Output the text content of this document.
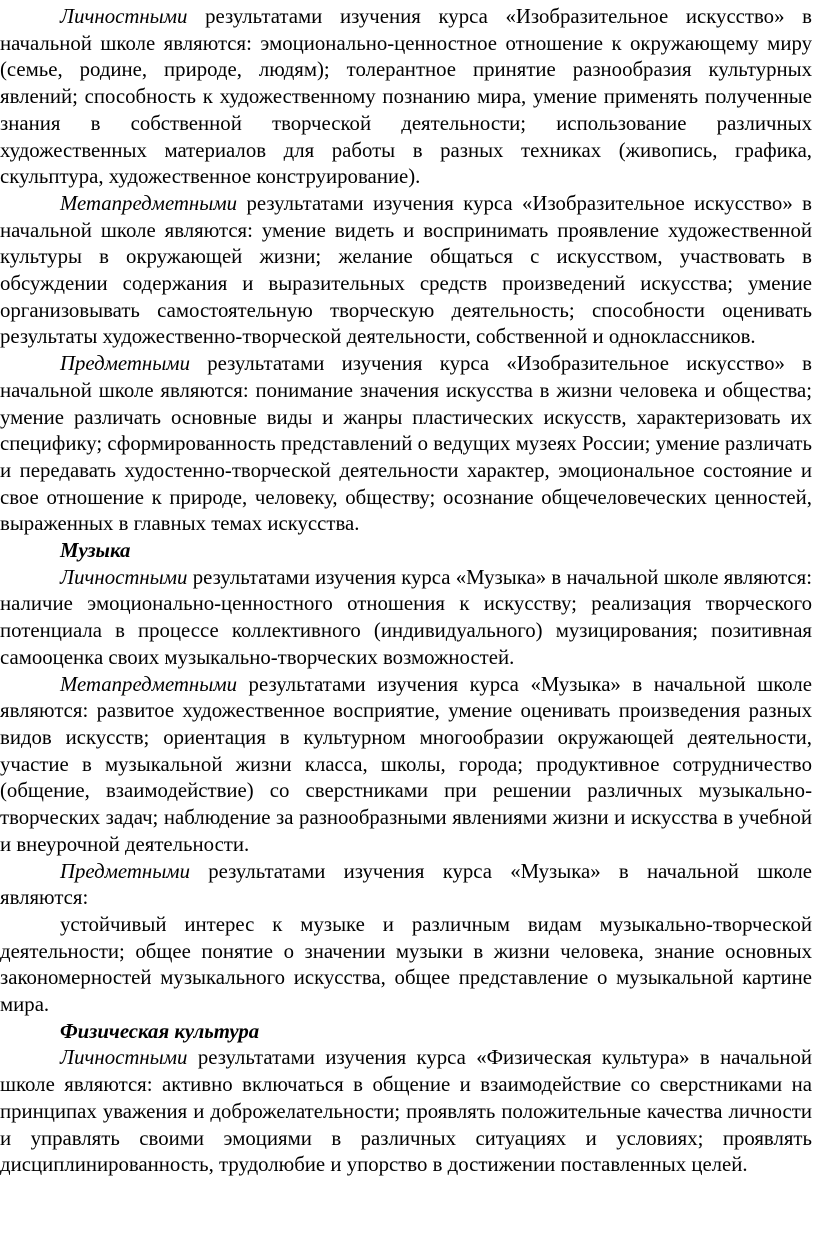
Личностными результатами изучения курса «Изобразительное искусство» в начальной школе являются: эмоционально-ценностное отношение к окружающему миру (семье, родине, природе, людям); толерантное принятие разнообразия культурных явлений; способность к художественному познанию мира, умение применять полученные знания в собственной творческой деятельности; использование различных художественных материалов для работы в разных техниках (живопись, графика, скульптура, художественное конструирование).

Метапредметными результатами изучения курса «Изобразительное искусство» в начальной школе являются: умение видеть и воспринимать проявление художественной культуры в окружающей жизни; желание общаться с искусством, участвовать в обсуждении содержания и выразительных средств произведений искусства; умение организовывать самостоятельную творческую деятельность; способности оценивать результаты художественно-творческой деятельности, собственной и одноклассников.

Предметными результатами изучения курса «Изобразительное искусство» в начальной школе являются: понимание значения искусства в жизни человека и общества; умение различать основные виды и жанры пластических искусств, характеризовать их специфику; сформированность представлений о ведущих музеях России; умение различать и передавать худостенно-творческой деятельности характер, эмоциональное состояние и свое отношение к природе, человеку, обществу; осознание общечеловеческих ценностей, выраженных в главных темах искусства.

Музыка

Личностными результатами изучения курса «Музыка» в начальной школе являются: наличие эмоционально-ценностного отношения к искусству; реализация творческого потенциала в процессе коллективного (индивидуального) музицирования; позитивная самооценка своих музыкально-творческих возможностей.

Метапредметными результатами изучения курса «Музыка» в начальной школе являются: развитое художественное восприятие, умение оценивать произведения разных видов искусств; ориентация в культурном многообразии окружающей деятельности, участие в музыкальной жизни класса, школы, города; продуктивное сотрудничество (общение, взаимодействие) со сверстниками при решении различных музыкально-творческих задач; наблюдение за разнообразными явлениями жизни и искусства в учебной и внеурочной деятельности.

Предметными результатами изучения курса «Музыка» в начальной школе являются:

устойчивый интерес к музыке и различным видам музыкально-творческой деятельности; общее понятие о значении музыки в жизни человека, знание основных закономерностей музыкального искусства, общее представление о музыкальной картине мира.

Физическая культура

Личностными результатами изучения курса «Физическая культура» в начальной школе являются: активно включаться в общение и взаимодействие со сверстниками на принципах уважения и доброжелательности; проявлять положительные качества личности и управлять своими эмоциями в различных ситуациях и условиях; проявлять дисциплинированность, трудолюбие и упорство в достижении поставленных целей.
